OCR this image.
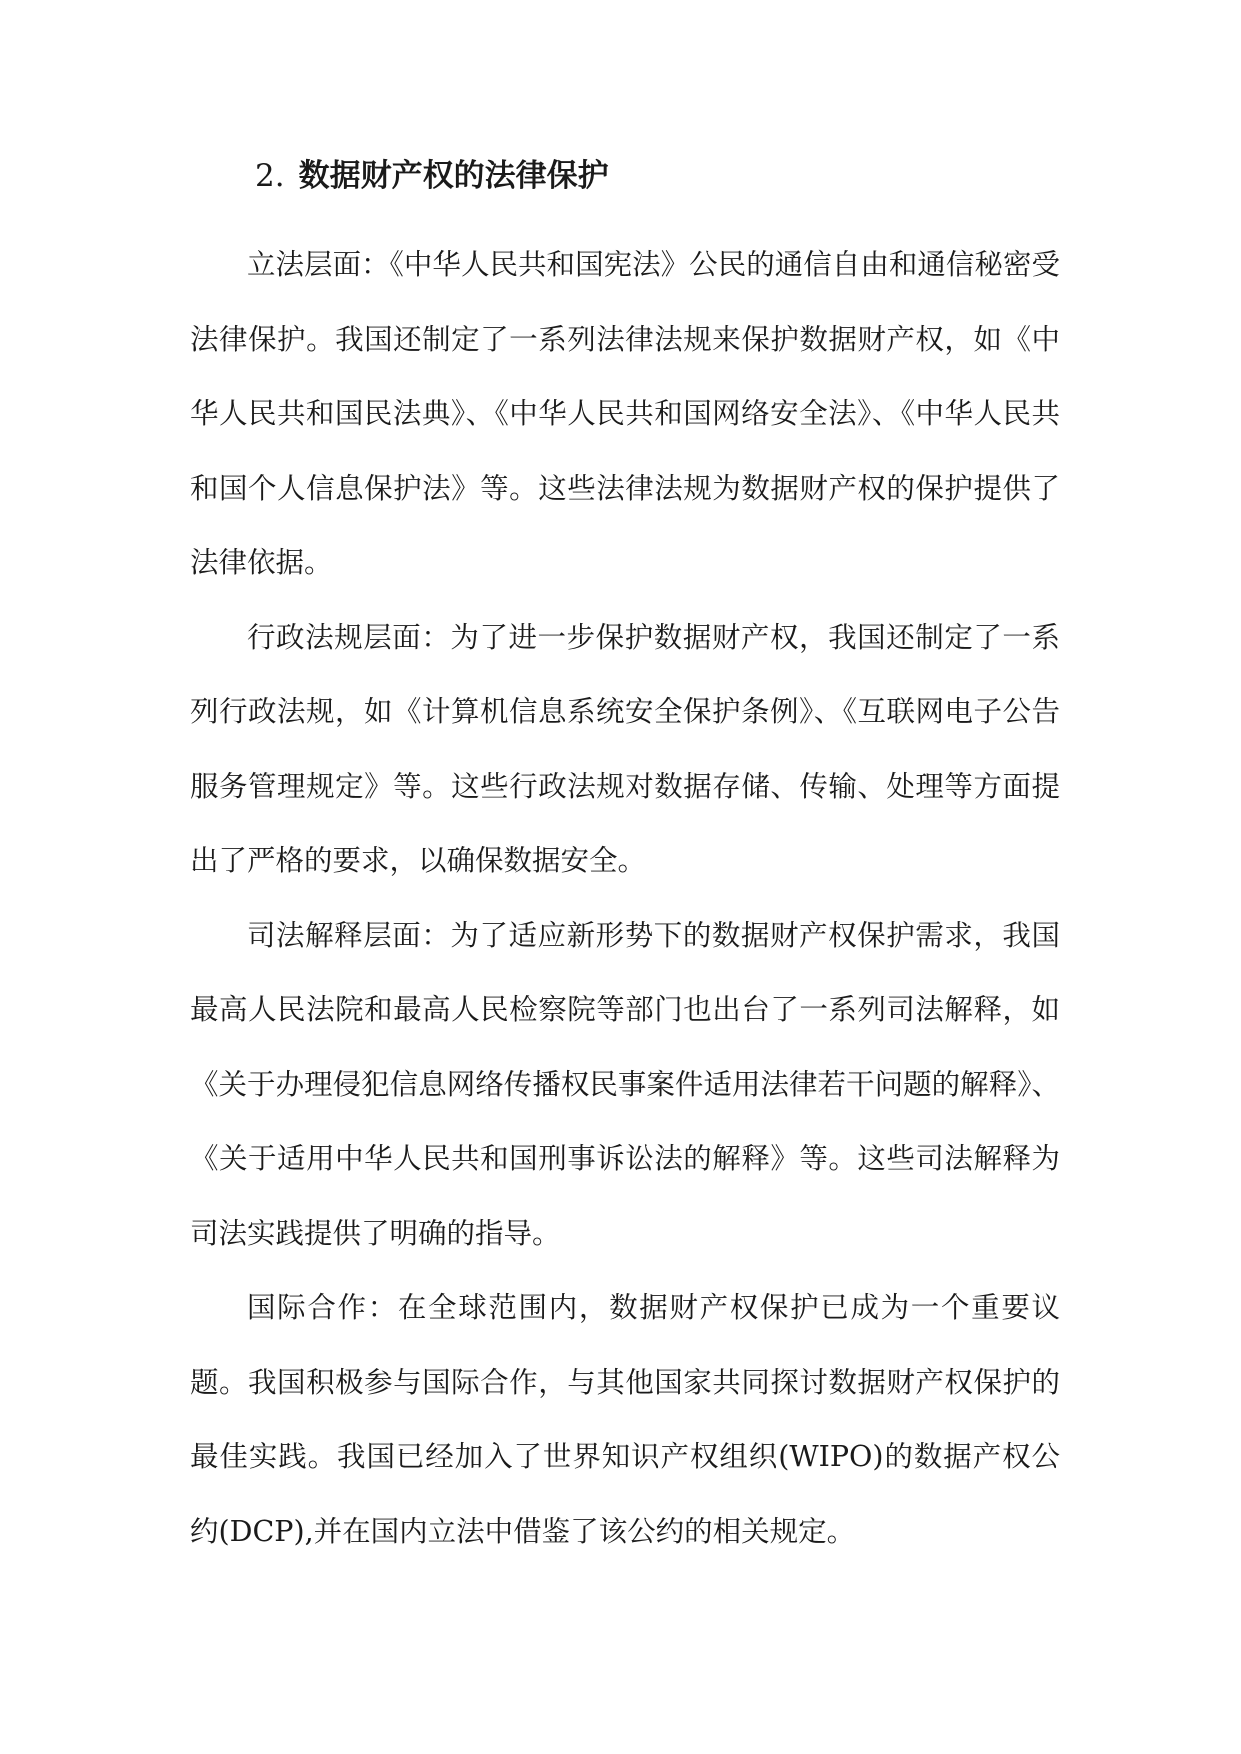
2. 数据财产权的法律保护

立法层面：《中华人民共和国宪法》公民的通信自由和通信秘密受法律保护。我国还制定了一系列法律法规来保护数据财产权，如《中华人民共和国民法典》、《中华人民共和国网络安全法》、《中华人民共和国个人信息保护法》等。这些法律法规为数据财产权的保护提供了法律依据。

行政法规层面：为了进一步保护数据财产权，我国还制定了一系列行政法规，如《计算机信息系统安全保护条例》、《互联网电子公告服务管理规定》等。这些行政法规对数据存储、传输、处理等方面提出了严格的要求，以确保数据安全。

司法解释层面：为了适应新形势下的数据财产权保护需求，我国最高人民法院和最高人民检察院等部门也出台了一系列司法解释，如《关于办理侵犯信息网络传播权民事案件适用法律若干问题的解释》、《关于适用中华人民共和国刑事诉讼法的解释》等。这些司法解释为司法实践提供了明确的指导。

国际合作：在全球范围内，数据财产权保护已成为一个重要议题。我国积极参与国际合作，与其他国家共同探讨数据财产权保护的最佳实践。我国已经加入了世界知识产权组织(WIPO)的数据产权公约(DCP),并在国内立法中借鉴了该公约的相关规定。
